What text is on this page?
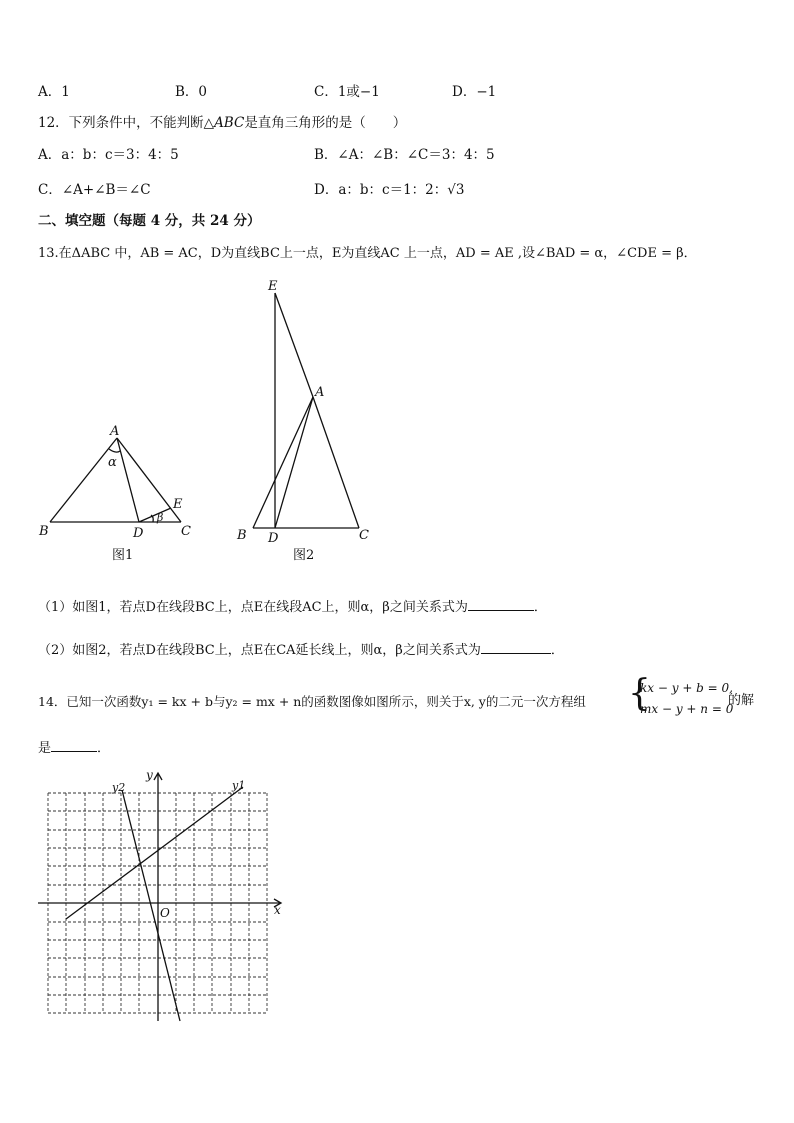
A．1	B．0	C．1或−1	D．−1
12．下列条件中，不能判断△ABC是直角三角形的是（　　）
A．a：b：c＝3：4：5	B．∠A：∠B：∠C＝3：4：5
C．∠A+∠B＝∠C	D．a：b：c＝1：2：√3
二、填空题（每题 4 分，共 24 分）
13.在ΔABC 中，AB = AC，D为直线BC上一点，E为直线AC 上一点，AD = AE ,设∠BAD = α，∠CDE = β．
A
B	C
D
E
α
β
图1
E
A
B D	C
图2
（1）如图1，若点D在线段BC上，点E在线段AC上，则α，β之间关系式为	．
（2）如图2，若点D在线段BC上，点E在CA延长线上，则α，β之间关系式为	．
14．已知一次函数y₁ = kx + b与y₂ = mx + n的函数图像如图所示，则关于x, y的二元一次方程组 {
kx − y + b = 0,
mx − y + n = 0
的解
是	．
x
y
O
y1
y2
